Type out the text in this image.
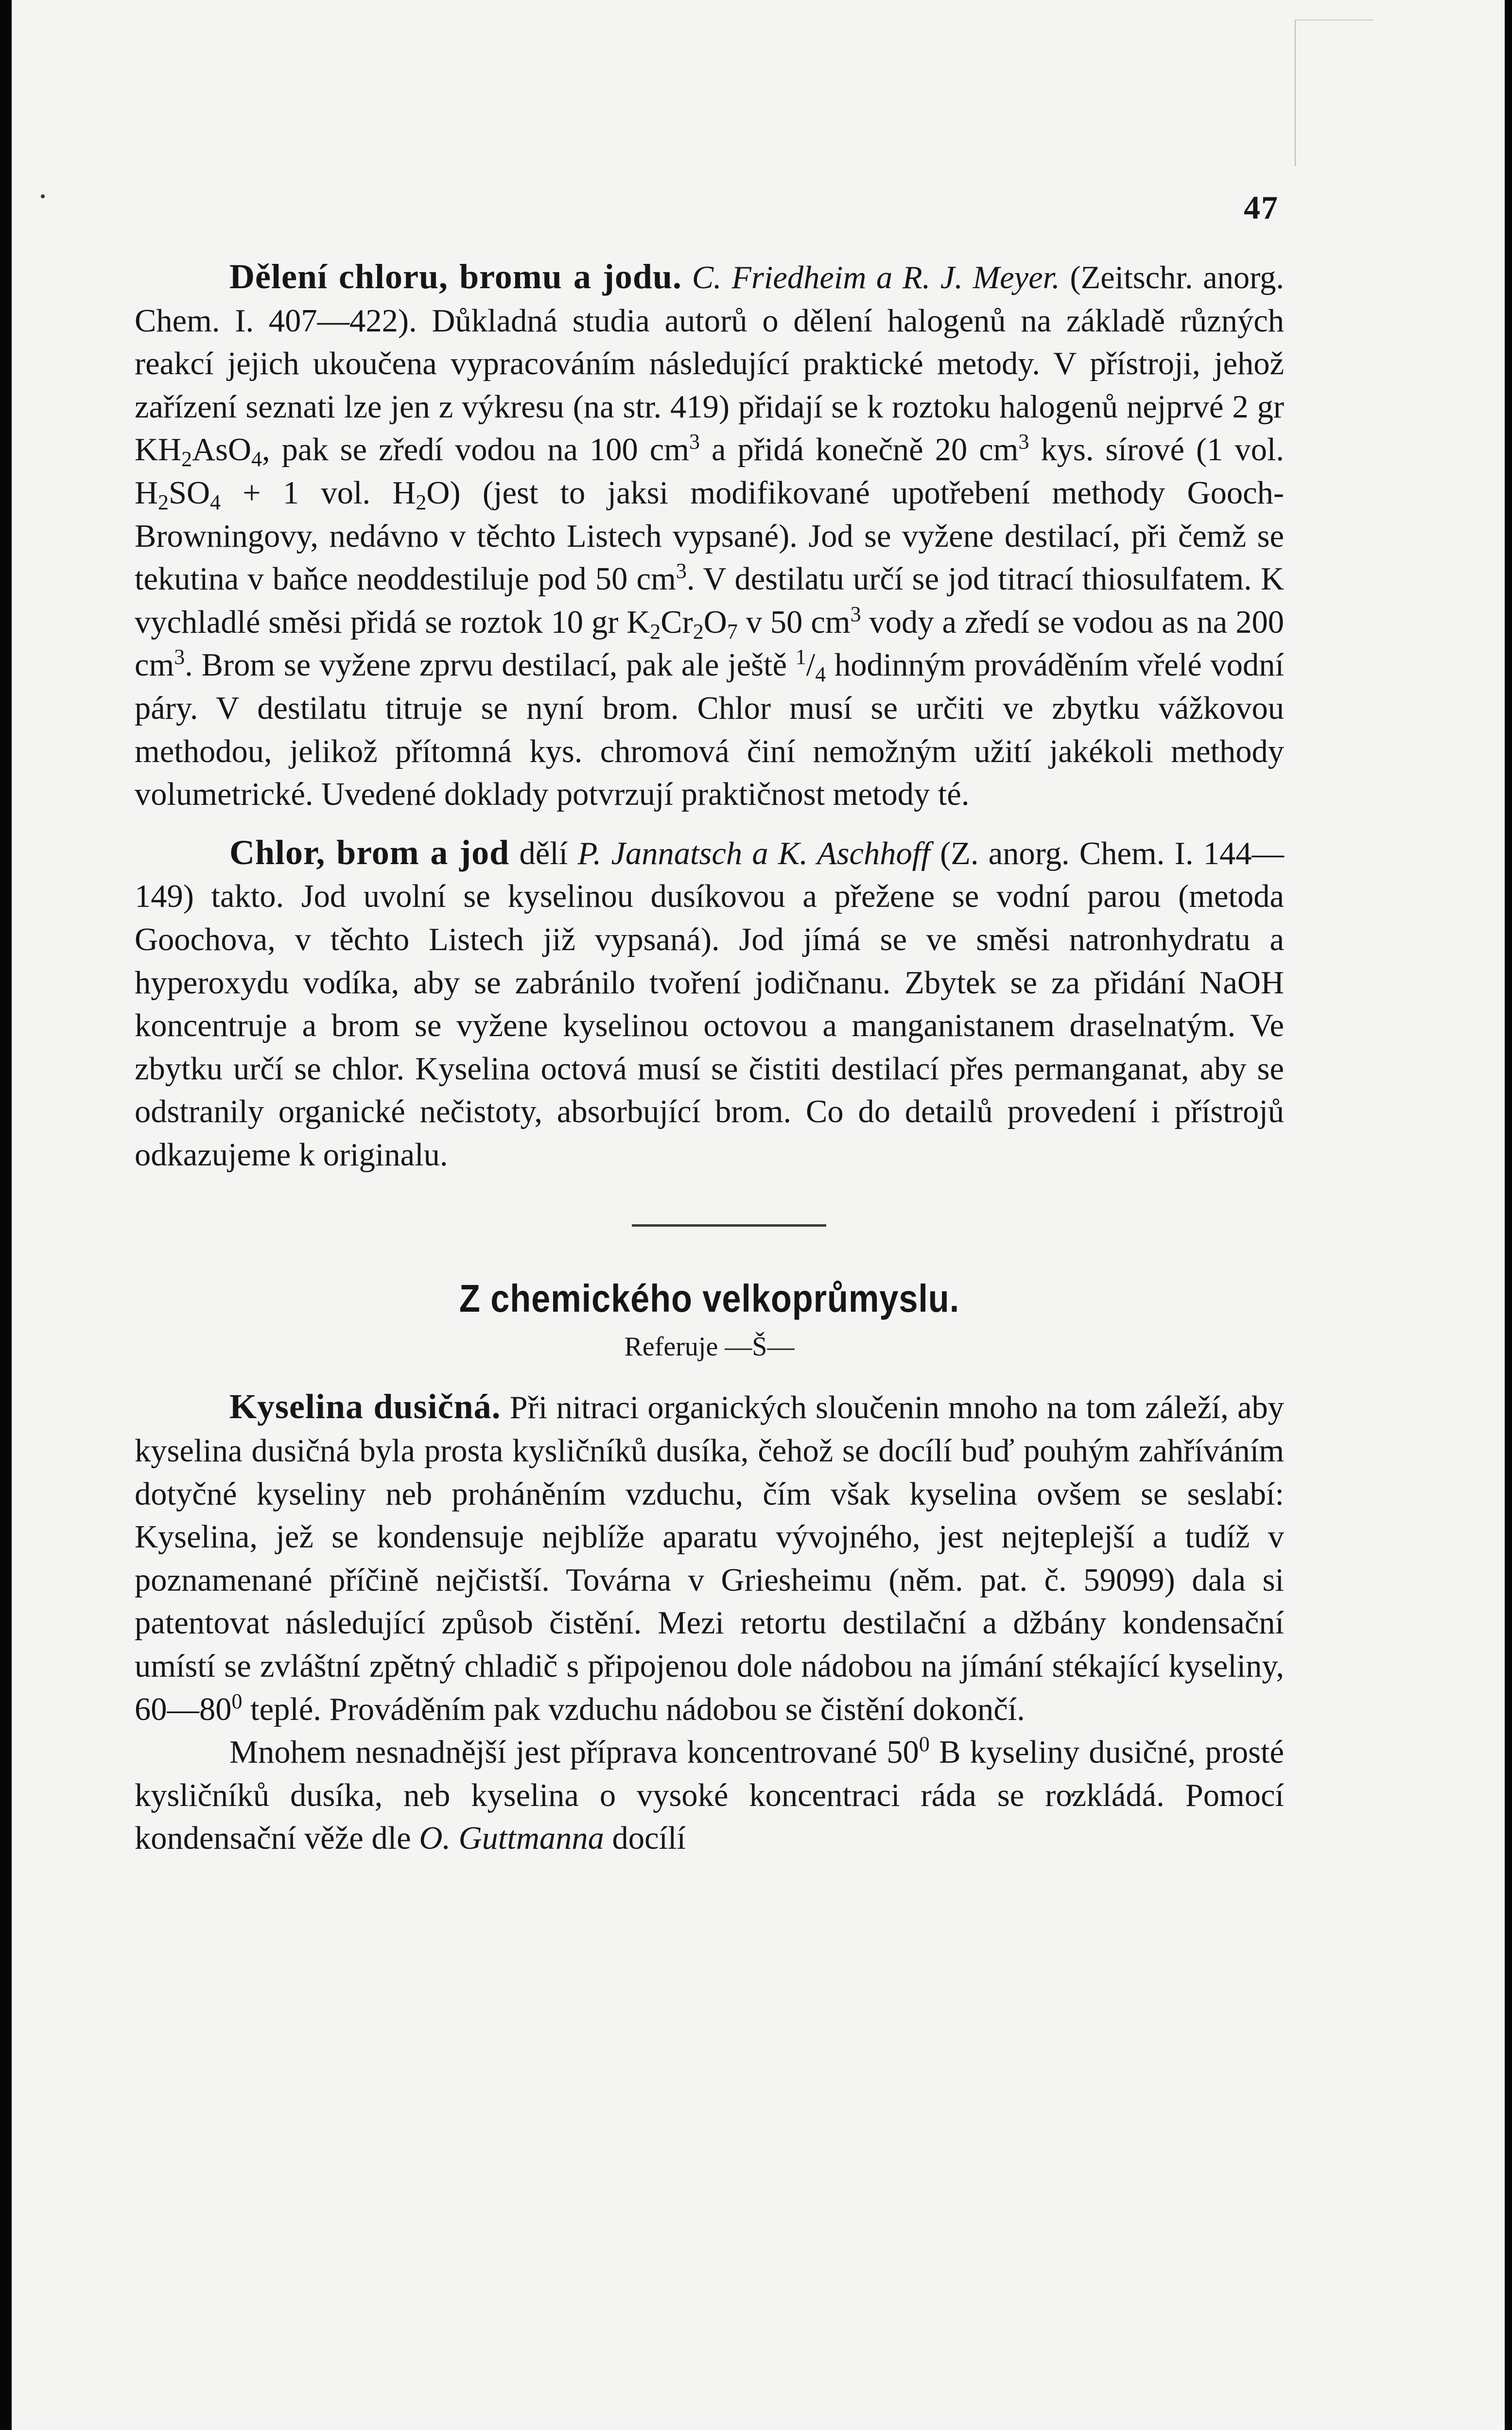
47

Dělení chloru, bromu a jodu. C. Friedheim a R. J. Meyer. (Zeitschr. anorg. Chem. I. 407—422). Důkladná studia autorů o dělení halogenů na základě různých reakcí jejich ukoučena vypracováním následující praktické metody. V přístroji, jehož zařízení seznati lze jen z výkresu (na str. 419) přidají se k roztoku halogenů nejprvé 2 gr $KH_2AsO_4$, pak se zředí vodou na 100 $cm^3$ a přidá konečně 20 $cm^3$ kys. sírové (1 vol. $H_2SO_4 + 1$ vol. $H_2O$) (jest to jaksi modifikované upotřebení methody Gooch-Browningovy, nedávno v těchto Listech vypsané). Jod se vyžene destilací, při čemž se tekutina v baňce neoddestiluje pod 50 $cm^3$. V destilatu určí se jod titrací thiosulfatem. K vychladlé směsi přidá se roztok 10 gr $K_2Cr_2O_7$ v 50 $cm^3$ vody a zředí se vodou as na 200 $cm^3$. Brom se vyžene zprvu destilací, pak ale ještě $^1/_4$ hodinným prováděním vřelé vodní páry. V destilatu titruje se nyní brom. Chlor musí se určiti ve zbytku vážkovou methodou, jelikož přítomná kys. chromová činí nemožným užití jakékoli methody volumetrické. Uvedené doklady potvrzují praktičnost metody té.

Chlor, brom a jod dělí P. Jannatsch a K. Aschhoff (Z. anorg. Chem. I. 144—149) takto. Jod uvolní se kyselinou dusíkovou a přežene se vodní parou (metoda Goochova, v těchto Listech již vypsaná). Jod jímá se ve směsi natronhydratu a hyperoxydu vodíka, aby se zabránilo tvoření jodičnanu. Zbytek se za přidání NaOH koncentruje a brom se vyžene kyselinou octovou a manganistanem draselnatým. Ve zbytku určí se chlor. Kyselina octová musí se čistiti destilací přes permanganat, aby se odstranily organické nečistoty, absorbující brom. Co do detailů provedení i přístrojů odkazujeme k originalu.

Z chemického velkoprůmyslu.
Referuje —Š—

Kyselina dusičná. Při nitraci organických sloučenin mnoho na tom záleží, aby kyselina dusičná byla prosta kysličníků dusíka, čehož se docílí buď pouhým zahříváním dotyčné kyseliny neb proháněním vzduchu, čím však kyselina ovšem se seslabí: Kyselina, jež se kondensuje nejblíže aparatu vývojného, jest nejteplejší a tudíž v poznamenané příčině nejčistší. Továrna v Griesheimu (něm. pat. č. 59099) dala si patentovat následující způsob čistění. Mezi retortu destilační a džbány kondensační umístí se zvláštní zpětný chladič s připojenou dole nádobou na jímání stékající kyseliny, $60—80^0$ teplé. Prováděním pak vzduchu nádobou se čistění dokončí.

Mnohem nesnadnější jest příprava koncentrované $50^0$ B kyseliny dusičné, prosté kysličníků dusíka, neb kyselina o vysoké koncentraci ráda se rozkládá. Pomocí kondensační věže dle O. Guttmanna docílí
